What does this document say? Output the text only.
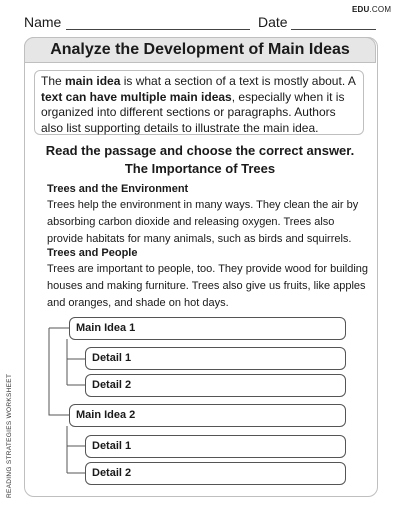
Name	Date
EDU.COM
Analyze the Development of Main Ideas
The main idea is what a section of a text is mostly about. A text can have multiple main ideas, especially when it is organized into different sections or paragraphs. Authors also list supporting details to illustrate the main idea.
Read the passage and choose the correct answer.
The Importance of Trees
Trees and the Environment
Trees help the environment in many ways. They clean the air by
absorbing carbon dioxide and releasing oxygen. Trees also
provide habitats for many animals, such as birds and squirrels.
Trees and People
Trees are important to people, too. They provide wood for building
houses and making furniture. Trees also give us fruits, like apples
and oranges, and shade on hot days.
Main Idea 1
Detail 1
Detail 2
Main Idea 2
Detail 1
Detail 2
READING STRATEGIES WORKSHEET
